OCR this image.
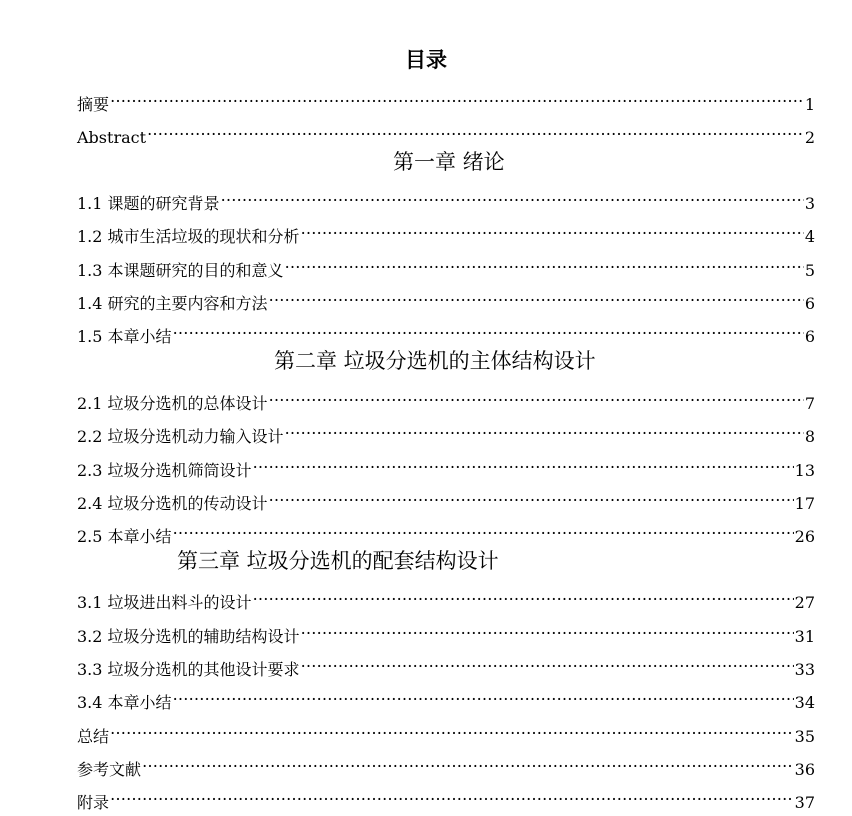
目录
摘要 …………………………………………………………………………………………………………………………………………………………………………………	1
Abstract …………………………………………………………………………………………………………………………………………………………………………………	2
第一章 绪论
1.1 课题的研究背景 …………………………………………………………………………………………………………………………………………………………………………………	3
1.2 城市生活垃圾的现状和分析 …………………………………………………………………………………………………………………………………………………………………………………	4
1.3 本课题研究的目的和意义 …………………………………………………………………………………………………………………………………………………………………………………	5
1.4 研究的主要内容和方法 …………………………………………………………………………………………………………………………………………………………………………………	6
1.5 本章小结 …………………………………………………………………………………………………………………………………………………………………………………	6
第二章 垃圾分选机的主体结构设计
2.1 垃圾分选机的总体设计 …………………………………………………………………………………………………………………………………………………………………………………	7
2.2 垃圾分选机动力输入设计 …………………………………………………………………………………………………………………………………………………………………………………	8
2.3 垃圾分选机筛筒设计 …………………………………………………………………………………………………………………………………………………………………………………	13
2.4 垃圾分选机的传动设计 …………………………………………………………………………………………………………………………………………………………………………………	17
2.5 本章小结 …………………………………………………………………………………………………………………………………………………………………………………	26
第三章 垃圾分选机的配套结构设计
3.1 垃圾进出料斗的设计 …………………………………………………………………………………………………………………………………………………………………………………	27
3.2 垃圾分选机的辅助结构设计 …………………………………………………………………………………………………………………………………………………………………………………	31
3.3 垃圾分选机的其他设计要求 …………………………………………………………………………………………………………………………………………………………………………………	33
3.4 本章小结 …………………………………………………………………………………………………………………………………………………………………………………	34
总结 …………………………………………………………………………………………………………………………………………………………………………………	35
参考文献 …………………………………………………………………………………………………………………………………………………………………………………	36
附录 …………………………………………………………………………………………………………………………………………………………………………………	37
